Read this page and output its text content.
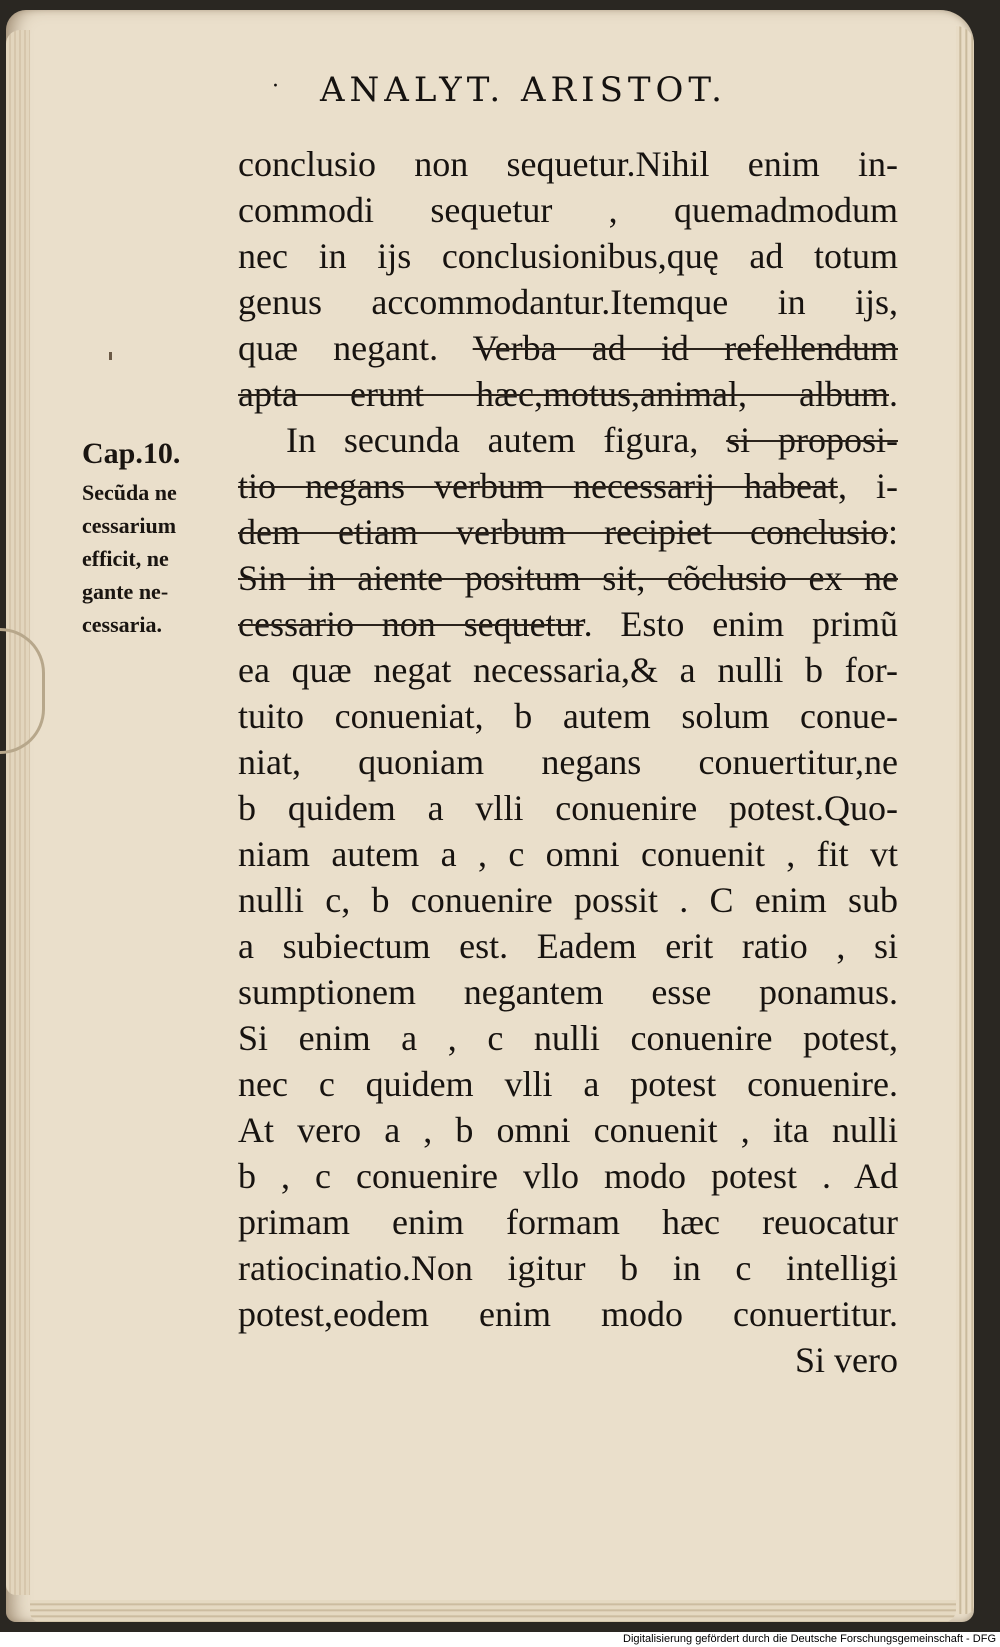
· ANALYT. ARISTOT.
Cap.10.
Secũda ne
cessarium
efficit, ne
gante ne-
cessaria.
conclusio non sequetur.Nihil enim in-
commodi sequetur , quemadmodum
nec in ijs conclusionibus,quę ad totum
genus accommodantur.Itemque in ijs,
quæ negant. Verba ad id refellendum
apta erunt hæc,motus,animal, album.
In secunda autem figura, si proposi-
tio negans verbum necessarij habeat, i-
dem etiam verbum recipiet conclusio:
Sin in aiente positum sit, cõclusio ex ne
cessario non sequetur. Esto enim primũ
ea quæ negat necessaria,& a nulli b for-
tuito conueniat, b autem solum conue-
niat, quoniam negans conuertitur,ne
b quidem a vlli conuenire potest.Quo-
niam autem a , c omni conuenit , fit vt
nulli c, b conuenire possit . C enim sub
a subiectum est. Eadem erit ratio , si
sumptionem negantem esse ponamus.
Si enim a , c nulli conuenire potest,
nec c quidem vlli a potest conuenire.
At vero a , b omni conuenit , ita nulli
b , c conuenire vllo modo potest . Ad
primam enim formam hæc reuocatur
ratiocinatio.Non igitur b in c intelligi
potest,eodem enim modo conuertitur.
Si vero
Digitalisierung gefördert durch die Deutsche Forschungsgemeinschaft - DFG
